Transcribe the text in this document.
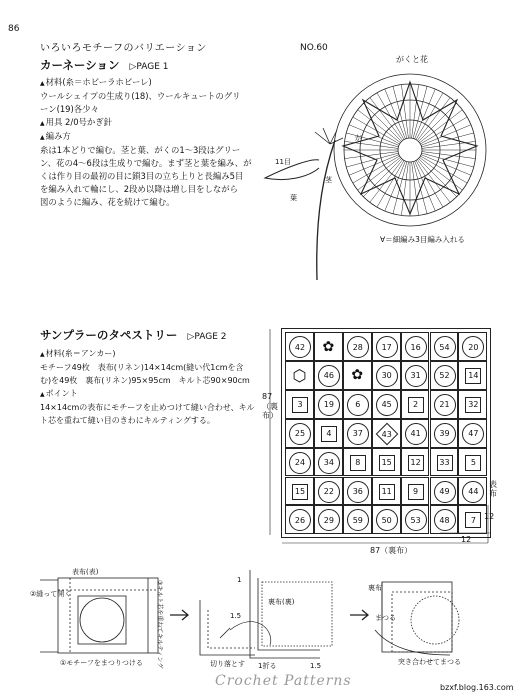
86
いろいろモチーフのバリエーション
カーネーション ▷PAGE 1
▲ 材料(糸＝ホビーラホビーレ)
ウールシェイプの生成り(18)、ウールキュートのグリ
ーン(19)各少々
▲ 用具 2/0号かぎ針
▲ 編み方
糸は1本どりで編む。茎と葉、がくの1〜3段はグリー
ン、花の4〜6段は生成りで編む。まず茎と葉を編み、が
くは作り目の最初の目に鎖3目の立ち上りと長編み5目
を編み入れて輪にし、2段め以降は増し目をしながら
図のように編み、花を続けて編む。
NO.60
がくと花
が
11目
葉
茎
∀＝細編み3目編み入れる
サンプラーのタペストリー ▷PAGE 2
▲ 材料(糸＝アンカー)
モチーフ49枚　表布(リネン)14×14cm(縫い代1cmを含
む)を49枚　裏布(リネン)95×95cm　キルト芯90×90cm
▲ ポイント
14×14cmの表布にモチーフを止めつけて縫い合わせ、キル
ト芯を重ねて縫い目のきわにキルティングする。
42	✿	28	17	16	54	20
⬡	46	✿	30	31	52	14
3	19	6	45	2	21	32
25	4	37	43	41	39	47
24	34	8	15	12	33	5
15	22	36	11	9	49	44
26	29	59	50	53	48	7
87
（裏布）
87（裏布）
表布
12
12
表布(表)
①モチーフをまつりつける
②縫って開く
切り落とす
裏布(裏)
1
1.5
1折る	1.5
裏布
まつる
突き合わせてまつる
③キルト芯を重ねてキルティング
Crochet Patterns	bzxf.blog.163.com
